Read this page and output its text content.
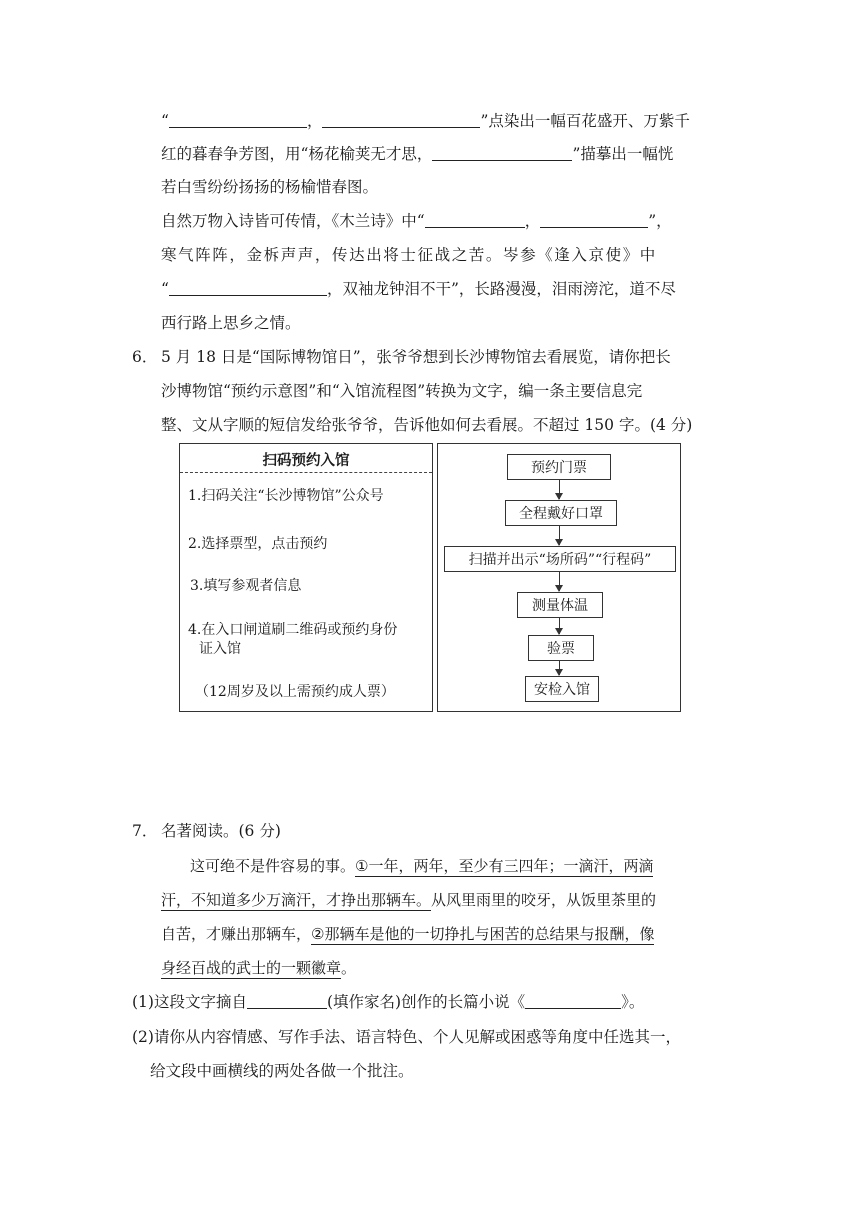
“	，	”点染出一幅百花盛开、万紫千
红的暮春争芳图，用“杨花榆荚无才思，	”描摹出一幅恍
若白雪纷纷扬扬的杨榆惜春图。
自然万物入诗皆可传情，《木兰诗》中“	，	”，
寒气阵阵，金柝声声，传达出将士征战之苦。岑参《逢入京使》中
“	，双袖龙钟泪不干”，长路漫漫，泪雨滂沱，道不尽
西行路上思乡之情。
6． 5 月 18 日是“国际博物馆日”，张爷爷想到长沙博物馆去看展览，请你把长
沙博物馆“预约示意图”和“入馆流程图”转换为文字，编一条主要信息完
整、文从字顺的短信发给张爷爷，告诉他如何去看展。不超过 150 字。(4 分)
扫码预约入馆
1.扫码关注“长沙博物馆”公众号
2.选择票型，点击预约
3.填写参观者信息
4.在入口闸道刷二维码或预约身份
证入馆
（12周岁及以上需预约成人票）
预约门票
全程戴好口罩
扫描并出示“场所码”“行程码”
测量体温
验票
安检入馆
7． 名著阅读。(6 分)
这可绝不是件容易的事。①一年，两年，至少有三四年；一滴汗，两滴
汗，不知道多少万滴汗，才挣出那辆车。从风里雨里的咬牙，从饭里茶里的
自苦，才赚出那辆车，②那辆车是他的一切挣扎与困苦的总结果与报酬，像
身经百战的武士的一颗徽章。
(1)这段文字摘自	(填作家名)创作的长篇小说《	》。
(2)请你从内容情感、写作手法、语言特色、个人见解或困惑等角度中任选其一，
给文段中画横线的两处各做一个批注。
